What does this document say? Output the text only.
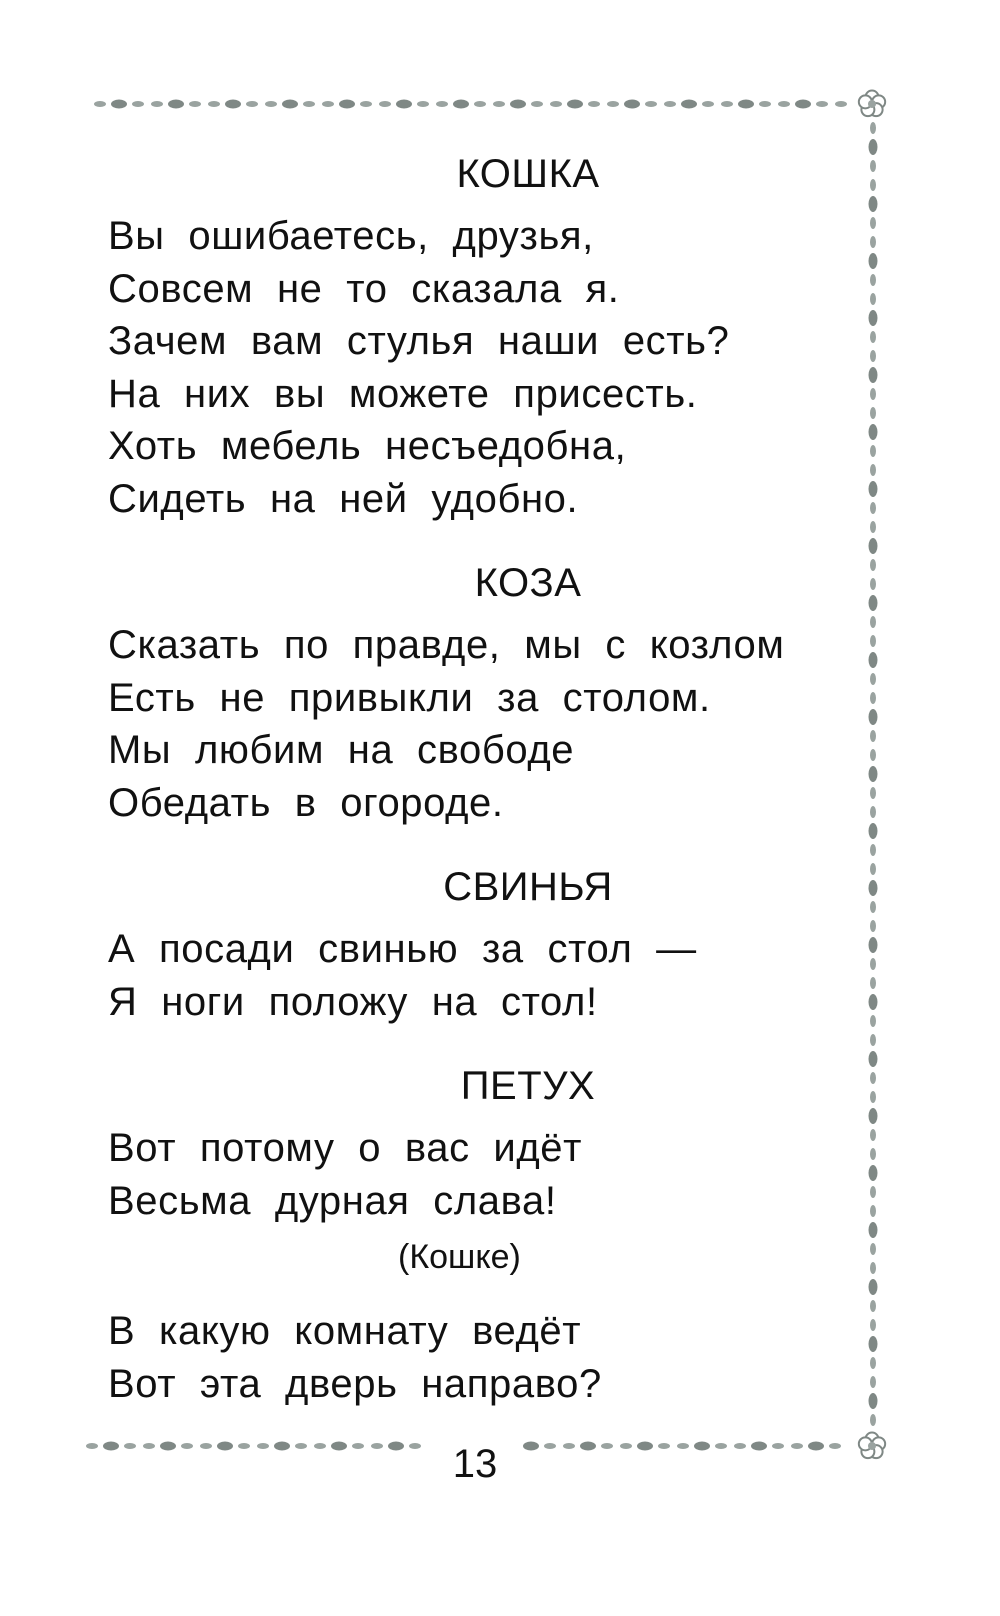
КОШКА
Вы ошибаетесь, друзья,
Совсем не то сказала я.
Зачем вам стулья наши есть?
На них вы можете присесть.
Хоть мебель несъедобна,
Сидеть на ней удобно.
КОЗА
Сказать по правде, мы с козлом
Есть не привыкли за столом.
Мы любим на свободе
Обедать в огороде.
СВИНЬЯ
А посади свинью за стол —
Я ноги положу на стол!
ПЕТУХ
Вот потому о вас идёт
Весьма дурная слава!
(Кошке)
В какую комнату ведёт
Вот эта дверь направо?
13
